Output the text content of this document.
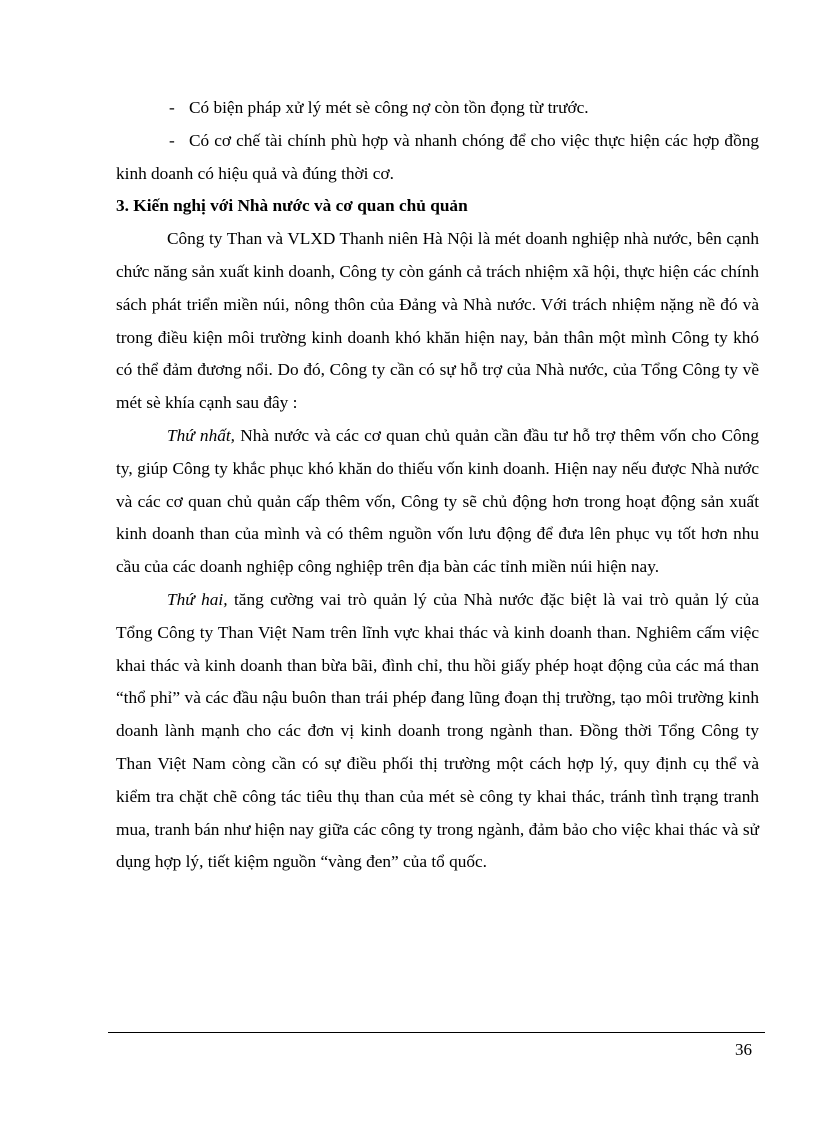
- Có biện pháp xử lý mét sè công nợ còn tồn đọng từ trước.
- Có cơ chế tài chính phù hợp và nhanh chóng để cho việc thực hiện các hợp đồng kinh doanh có hiệu quả và đúng thời cơ.

3. Kiến nghị với Nhà nước và cơ quan chủ quản

Công ty Than và VLXD Thanh niên Hà Nội là mét doanh nghiệp nhà nước, bên cạnh chức năng sản xuất kinh doanh, Công ty còn gánh cả trách nhiệm xã hội, thực hiện các chính sách phát triển miền núi, nông thôn của Đảng và Nhà nước. Với trách nhiệm nặng nề đó và trong điều kiện môi trường kinh doanh khó khăn hiện nay, bản thân một mình Công ty khó có thể đảm đương nổi. Do đó, Công ty cần có sự hỗ trợ của Nhà nước, của Tổng Công ty về mét sè khía cạnh sau đây :

Thứ nhất, Nhà nước và các cơ quan chủ quản cần đầu tư hỗ trợ thêm vốn cho Công ty, giúp Công ty khắc phục khó khăn do thiếu vốn kinh doanh. Hiện nay nếu được Nhà nước và các cơ quan chủ quản cấp thêm vốn, Công ty sẽ chủ động hơn trong hoạt động sản xuất kinh doanh than của mình và có thêm nguồn vốn lưu động để đưa lên phục vụ tốt hơn nhu cầu của các doanh nghiệp công nghiệp trên địa bàn các tỉnh miền núi hiện nay.

Thứ hai, tăng cường vai trò quản lý của Nhà nước đặc biệt là vai trò quản lý của Tổng Công ty Than Việt Nam trên lĩnh vực khai thác và kinh doanh than. Nghiêm cấm việc khai thác và kinh doanh than bừa bãi, đình chỉ, thu hồi giấy phép hoạt động của các má than “thổ phỉ” và các đầu nậu buôn than trái phép đang lũng đoạn thị trường, tạo môi trường kinh doanh lành mạnh cho các đơn vị kinh doanh trong ngành than. Đồng thời Tổng Công ty Than Việt Nam còng cần có sự điều phối thị trường một cách hợp lý, quy định cụ thể và kiểm tra chặt chẽ công tác tiêu thụ than của mét sè công ty khai thác, tránh tình trạng tranh mua, tranh bán như hiện nay giữa các công ty trong ngành, đảm bảo cho việc khai thác và sử dụng hợp lý, tiết kiệm nguồn “vàng đen” của tổ quốc.

36
